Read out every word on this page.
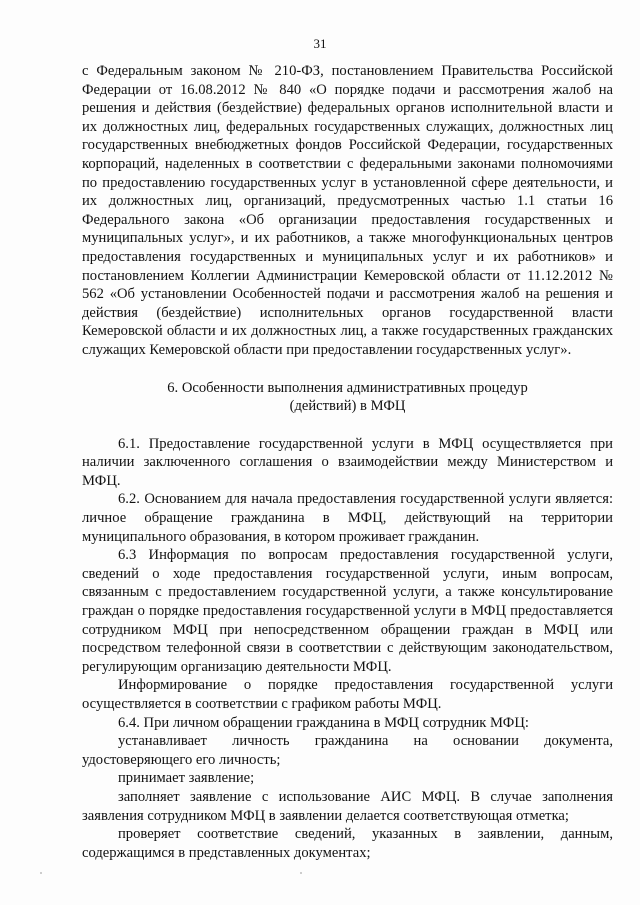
31

с Федеральным законом № 210-ФЗ, постановлением Правительства Российской Федерации от 16.08.2012 № 840 «О порядке подачи и рассмотрения жалоб на решения и действия (бездействие) федеральных органов исполнительной власти и их должностных лиц, федеральных государственных служащих, должностных лиц государственных внебюджетных фондов Российской Федерации, государственных корпораций, наделенных в соответствии с федеральными законами полномочиями по предоставлению государственных услуг в установленной сфере деятельности, и их должностных лиц, организаций, предусмотренных частью 1.1 статьи 16 Федерального закона «Об организации предоставления государственных и муниципальных услуг», и их работников, а также многофункциональных центров предоставления государственных и муниципальных услуг и их работников» и постановлением Коллегии Администрации Кемеровской области от 11.12.2012 № 562 «Об установлении Особенностей подачи и рассмотрения жалоб на решения и действия (бездействие) исполнительных органов государственной власти Кемеровской области и их должностных лиц, а также государственных гражданских служащих Кемеровской области при предоставлении государственных услуг».

6. Особенности выполнения административных процедур
(действий) в МФЦ

6.1. Предоставление государственной услуги в МФЦ осуществляется при наличии заключенного соглашения о взаимодействии между Министерством и МФЦ.

6.2. Основанием для начала предоставления государственной услуги является: личное обращение гражданина в МФЦ, действующий на территории муниципального образования, в котором проживает гражданин.

6.3 Информация по вопросам предоставления государственной услуги, сведений о ходе предоставления государственной услуги, иным вопросам, связанным с предоставлением государственной услуги, а также консультирование граждан о порядке предоставления государственной услуги в МФЦ предоставляется сотрудником МФЦ при непосредственном обращении граждан в МФЦ или посредством телефонной связи в соответствии с действующим законодательством, регулирующим организацию деятельности МФЦ.

Информирование о порядке предоставления государственной услуги осуществляется в соответствии с графиком работы МФЦ.

6.4. При личном обращении гражданина в МФЦ сотрудник МФЦ:

устанавливает личность гражданина на основании документа, удостоверяющего его личность;

принимает заявление;

заполняет заявление с использование АИС МФЦ. В случае заполнения заявления сотрудником МФЦ в заявлении делается соответствующая отметка;

проверяет соответствие сведений, указанных в заявлении, данным, содержащимся в представленных документах;
